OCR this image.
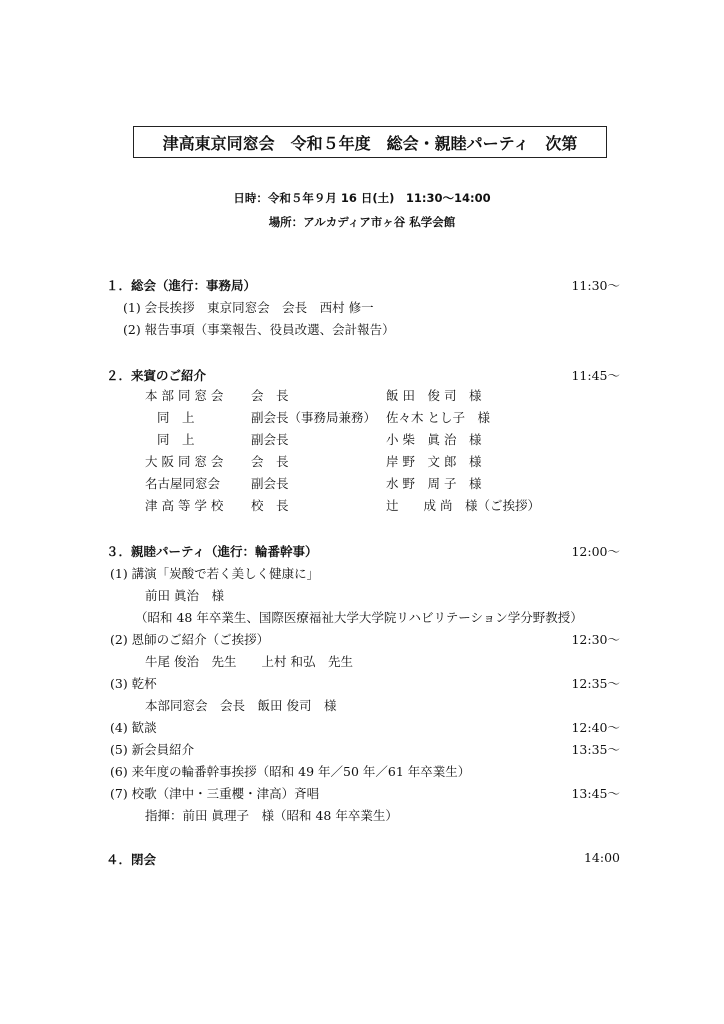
津高東京同窓会　令和５年度　総会・親睦パーティ　次第
日時：令和５年９月 16 日(土)　11:30〜14:00
場所：アルカディア市ヶ谷 私学会館
１．総会（進行：事務局）	11:30〜
(1) 会長挨拶　東京同窓会　会長　西村 修一
(2) 報告事項（事業報告、役員改選、会計報告）
２．来賓のご紹介	11:45〜
本 部 同 窓 会 会　長	飯 田　俊 司　様
同　上	副会長（事務局兼務） 佐々木 とし子　様
同　上	副会長	小 柴　眞 治　様
大 阪 同 窓 会 会　長	岸 野　文 郎　様
名古屋同窓会 副会長	水 野　周 子　様
津 高 等 学 校 校　長	辻　　成 尚　様（ご挨拶）
３．親睦パーティ（進行：輪番幹事）	12:00〜
(1) 講演「炭酸で若く美しく健康に」
前田 眞治　様
（昭和 48 年卒業生、国際医療福祉大学大学院リハビリテーション学分野教授）
(2) 恩師のご紹介（ご挨拶）	12:30〜
牛尾 俊治　先生　　上村 和弘　先生
(3) 乾杯	12:35〜
本部同窓会　会長　飯田 俊司　様
(4) 歓談	12:40〜
(5) 新会員紹介	13:35〜
(6) 来年度の輪番幹事挨拶（昭和 49 年／50 年／61 年卒業生）
(7) 校歌（津中・三重櫻・津高）斉唱	13:45〜
指揮：前田 眞理子　様（昭和 48 年卒業生）
４．閉会	14:00
